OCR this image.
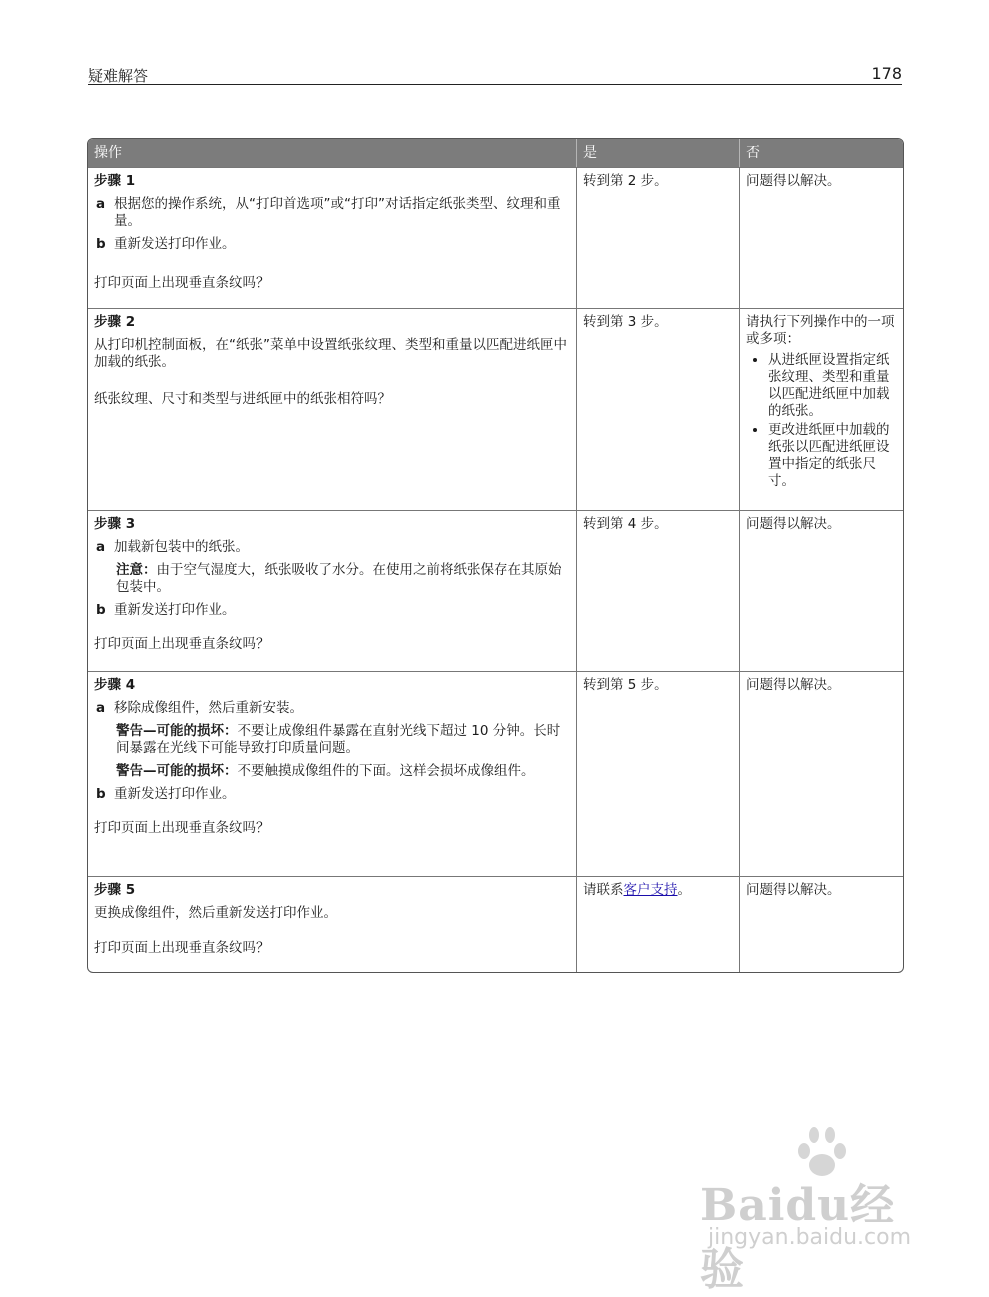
疑难解答	178
操作	是	否
步骤 1
a 根据您的操作系统，从“打印首选项”或“打印”对话指定纸张类型、纹理和重量。
b 重新发送打印作业。
打印页面上出现垂直条纹吗？
转到第 2 步。	问题得以解决。
步骤 2
从打印机控制面板，在“纸张”菜单中设置纸张纹理、类型和重量以匹配进纸匣中加载的纸张。
纸张纹理、尺寸和类型与进纸匣中的纸张相符吗？
转到第 3 步。	请执行下列操作中的一项或多项：
• 从进纸匣设置指定纸张纹理、类型和重量以匹配进纸匣中加载的纸张。
• 更改进纸匣中加载的纸张以匹配进纸匣设置中指定的纸张尺寸。
步骤 3
a 加载新包装中的纸张。
注意：由于空气湿度大，纸张吸收了水分。在使用之前将纸张保存在其原始包装中。
b 重新发送打印作业。
打印页面上出现垂直条纹吗？
转到第 4 步。	问题得以解决。
步骤 4
a 移除成像组件，然后重新安装。
警告—可能的损坏：不要让成像组件暴露在直射光线下超过 10 分钟。长时间暴露在光线下可能导致打印质量问题。
警告—可能的损坏：不要触摸成像组件的下面。这样会损坏成像组件。
b 重新发送打印作业。
打印页面上出现垂直条纹吗？
转到第 5 步。	问题得以解决。
步骤 5
更换成像组件，然后重新发送打印作业。
打印页面上出现垂直条纹吗？
请联系客户支持。	问题得以解决。
Baidu经验
jingyan.baidu.com
